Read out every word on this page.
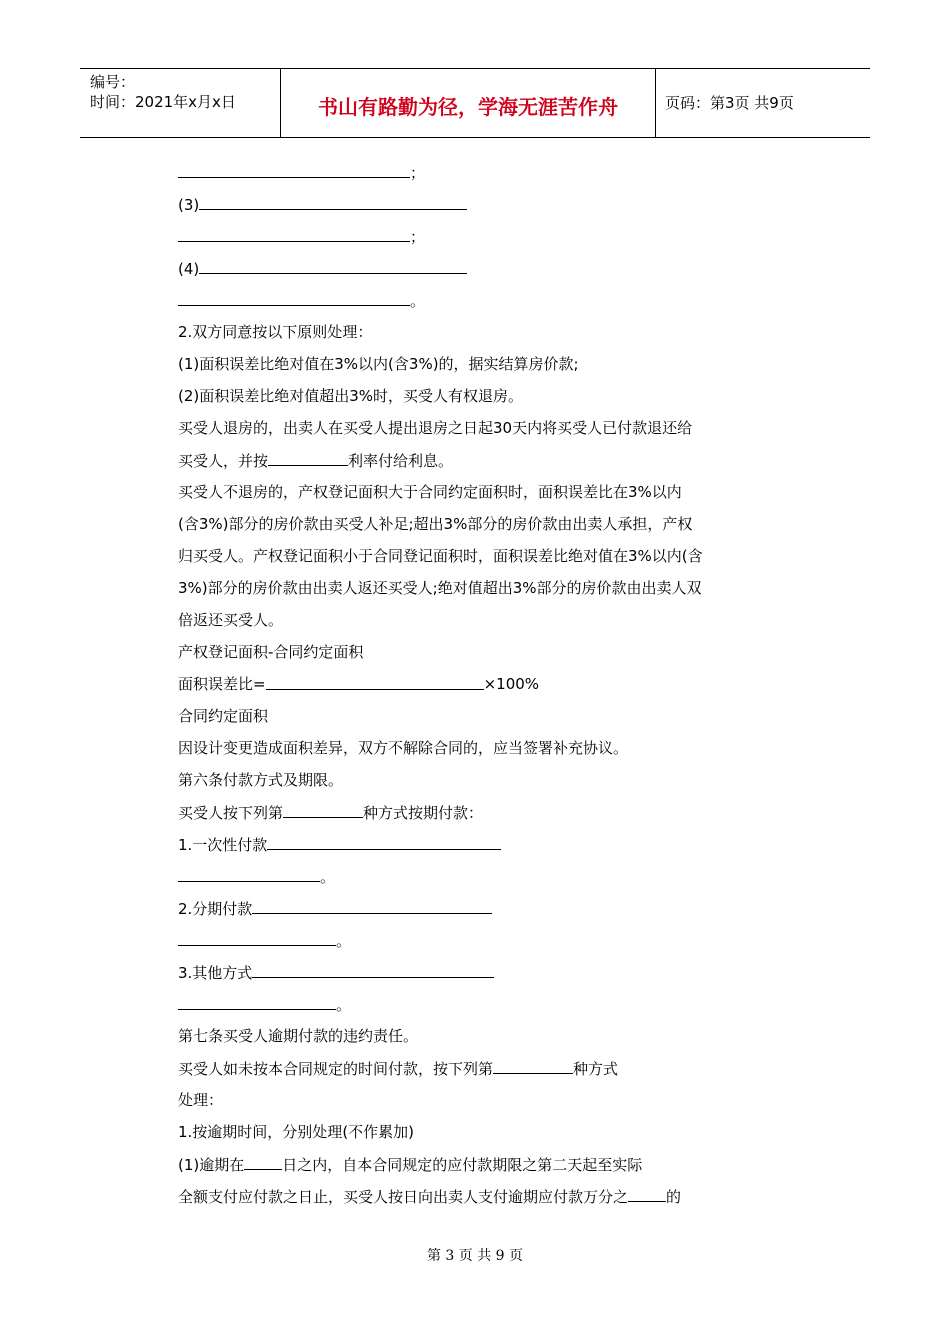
编号：
时间：2021年x月x日	书山有路勤为径，学海无涯苦作舟	页码：第3页 共9页
；
(3)
；
(4)
。
2.双方同意按以下原则处理：
(1)面积误差比绝对值在3%以内(含3%)的，据实结算房价款;
(2)面积误差比绝对值超出3%时，买受人有权退房。
买受人退房的，出卖人在买受人提出退房之日起30天内将买受人已付款退还给
买受人，并按	利率付给利息。
买受人不退房的，产权登记面积大于合同约定面积时，面积误差比在3%以内
(含3%)部分的房价款由买受人补足;超出3%部分的房价款由出卖人承担，产权
归买受人。产权登记面积小于合同登记面积时，面积误差比绝对值在3%以内(含
3%)部分的房价款由出卖人返还买受人;绝对值超出3%部分的房价款由出卖人双
倍返还买受人。
产权登记面积-合同约定面积
面积误差比=	×100%
合同约定面积
因设计变更造成面积差异，双方不解除合同的，应当签署补充协议。
第六条付款方式及期限。
买受人按下列第	种方式按期付款：
1.一次性付款
。
2.分期付款
。
3.其他方式
。
第七条买受人逾期付款的违约责任。
买受人如未按本合同规定的时间付款，按下列第	种方式
处理：
1.按逾期时间，分别处理(不作累加)
(1)逾期在	日之内，自本合同规定的应付款期限之第二天起至实际
全额支付应付款之日止，买受人按日向出卖人支付逾期应付款万分之	的
第 3 页 共 9 页
